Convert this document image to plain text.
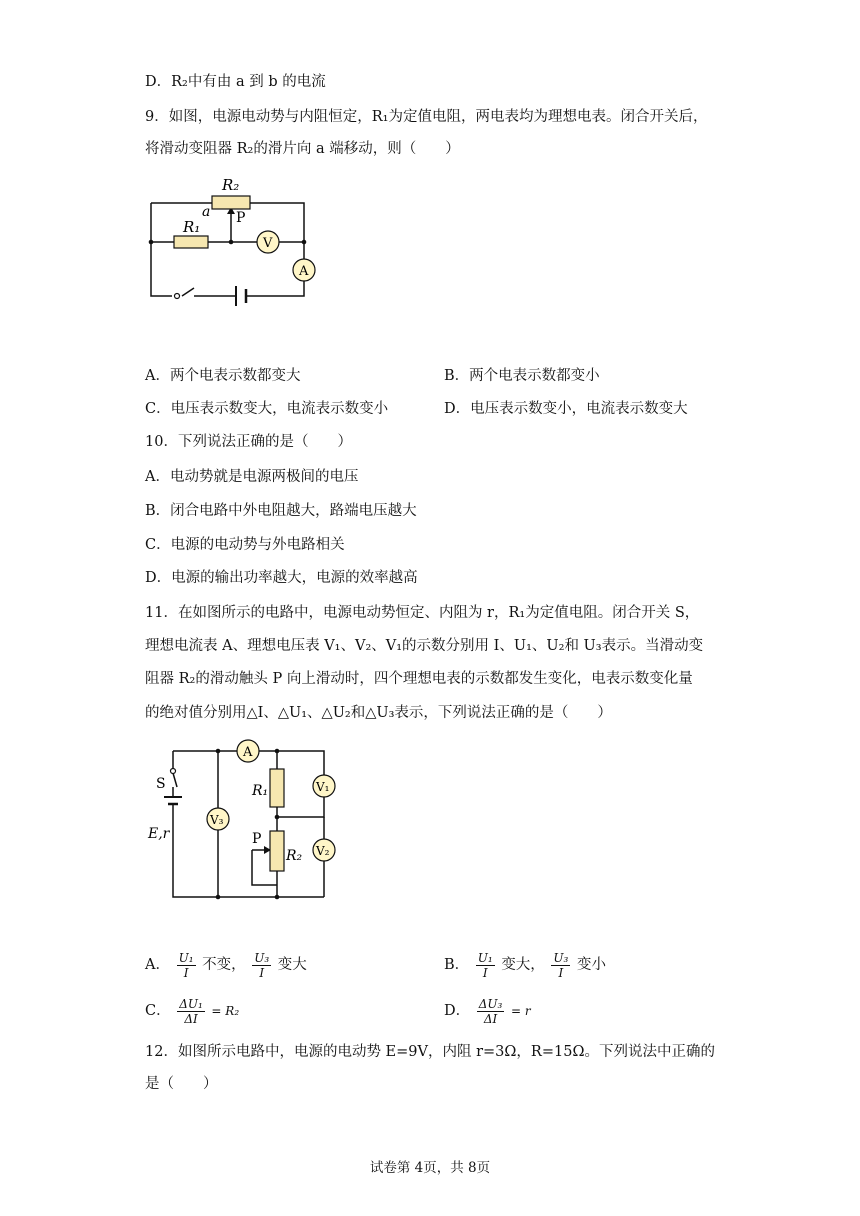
D．R₂中有由 a 到 b 的电流
9．如图，电源电动势与内阻恒定，R₁为定值电阻，两电表均为理想电表。闭合开关后，
将滑动变阻器 R₂的滑片向 a 端移动，则（　　）
R₂
a P
R₁
V
A
A．两个电表示数都变大	B．两个电表示数都变小
C．电压表示数变大，电流表示数变小	D．电压表示数变小，电流表示数变大
10．下列说法正确的是（　　）
A．电动势就是电源两极间的电压
B．闭合电路中外电阻越大，路端电压越大
C．电源的电动势与外电路相关
D．电源的输出功率越大，电源的效率越高
11．在如图所示的电路中，电源电动势恒定、内阻为 r，R₁为定值电阻。闭合开关 S，
理想电流表 A、理想电压表 V₁、V₂、V₁的示数分别用 I、U₁、U₂和 U₃表示。当滑动变
阻器 R₂的滑动触头 P 向上滑动时，四个理想电表的示数都发生变化，电表示数变化量
的绝对值分别用△I、△U₁、△U₂和△U₃表示，下列说法正确的是（　　）
A
S
E,r
V₃
R₁	V₁
P
R₂ V₂
A． $\frac{\text{U₁}}{I}$ 不变， $\frac{\text{U₃}}{I}$ 变大	B． $\frac{\text{U₁}}{I}$ 变大， $\frac{\text{U₃}}{I}$ 变小
C． $\frac{\text{ΔU₁}}{\Delta I} = R_2$	D． $\frac{\text{ΔU₃}}{\Delta I} = r$
12．如图所示电路中，电源的电动势 E=9V，内阻 r=3Ω，R=15Ω。下列说法中正确的
是（　　）
试卷第 4页，共 8页
